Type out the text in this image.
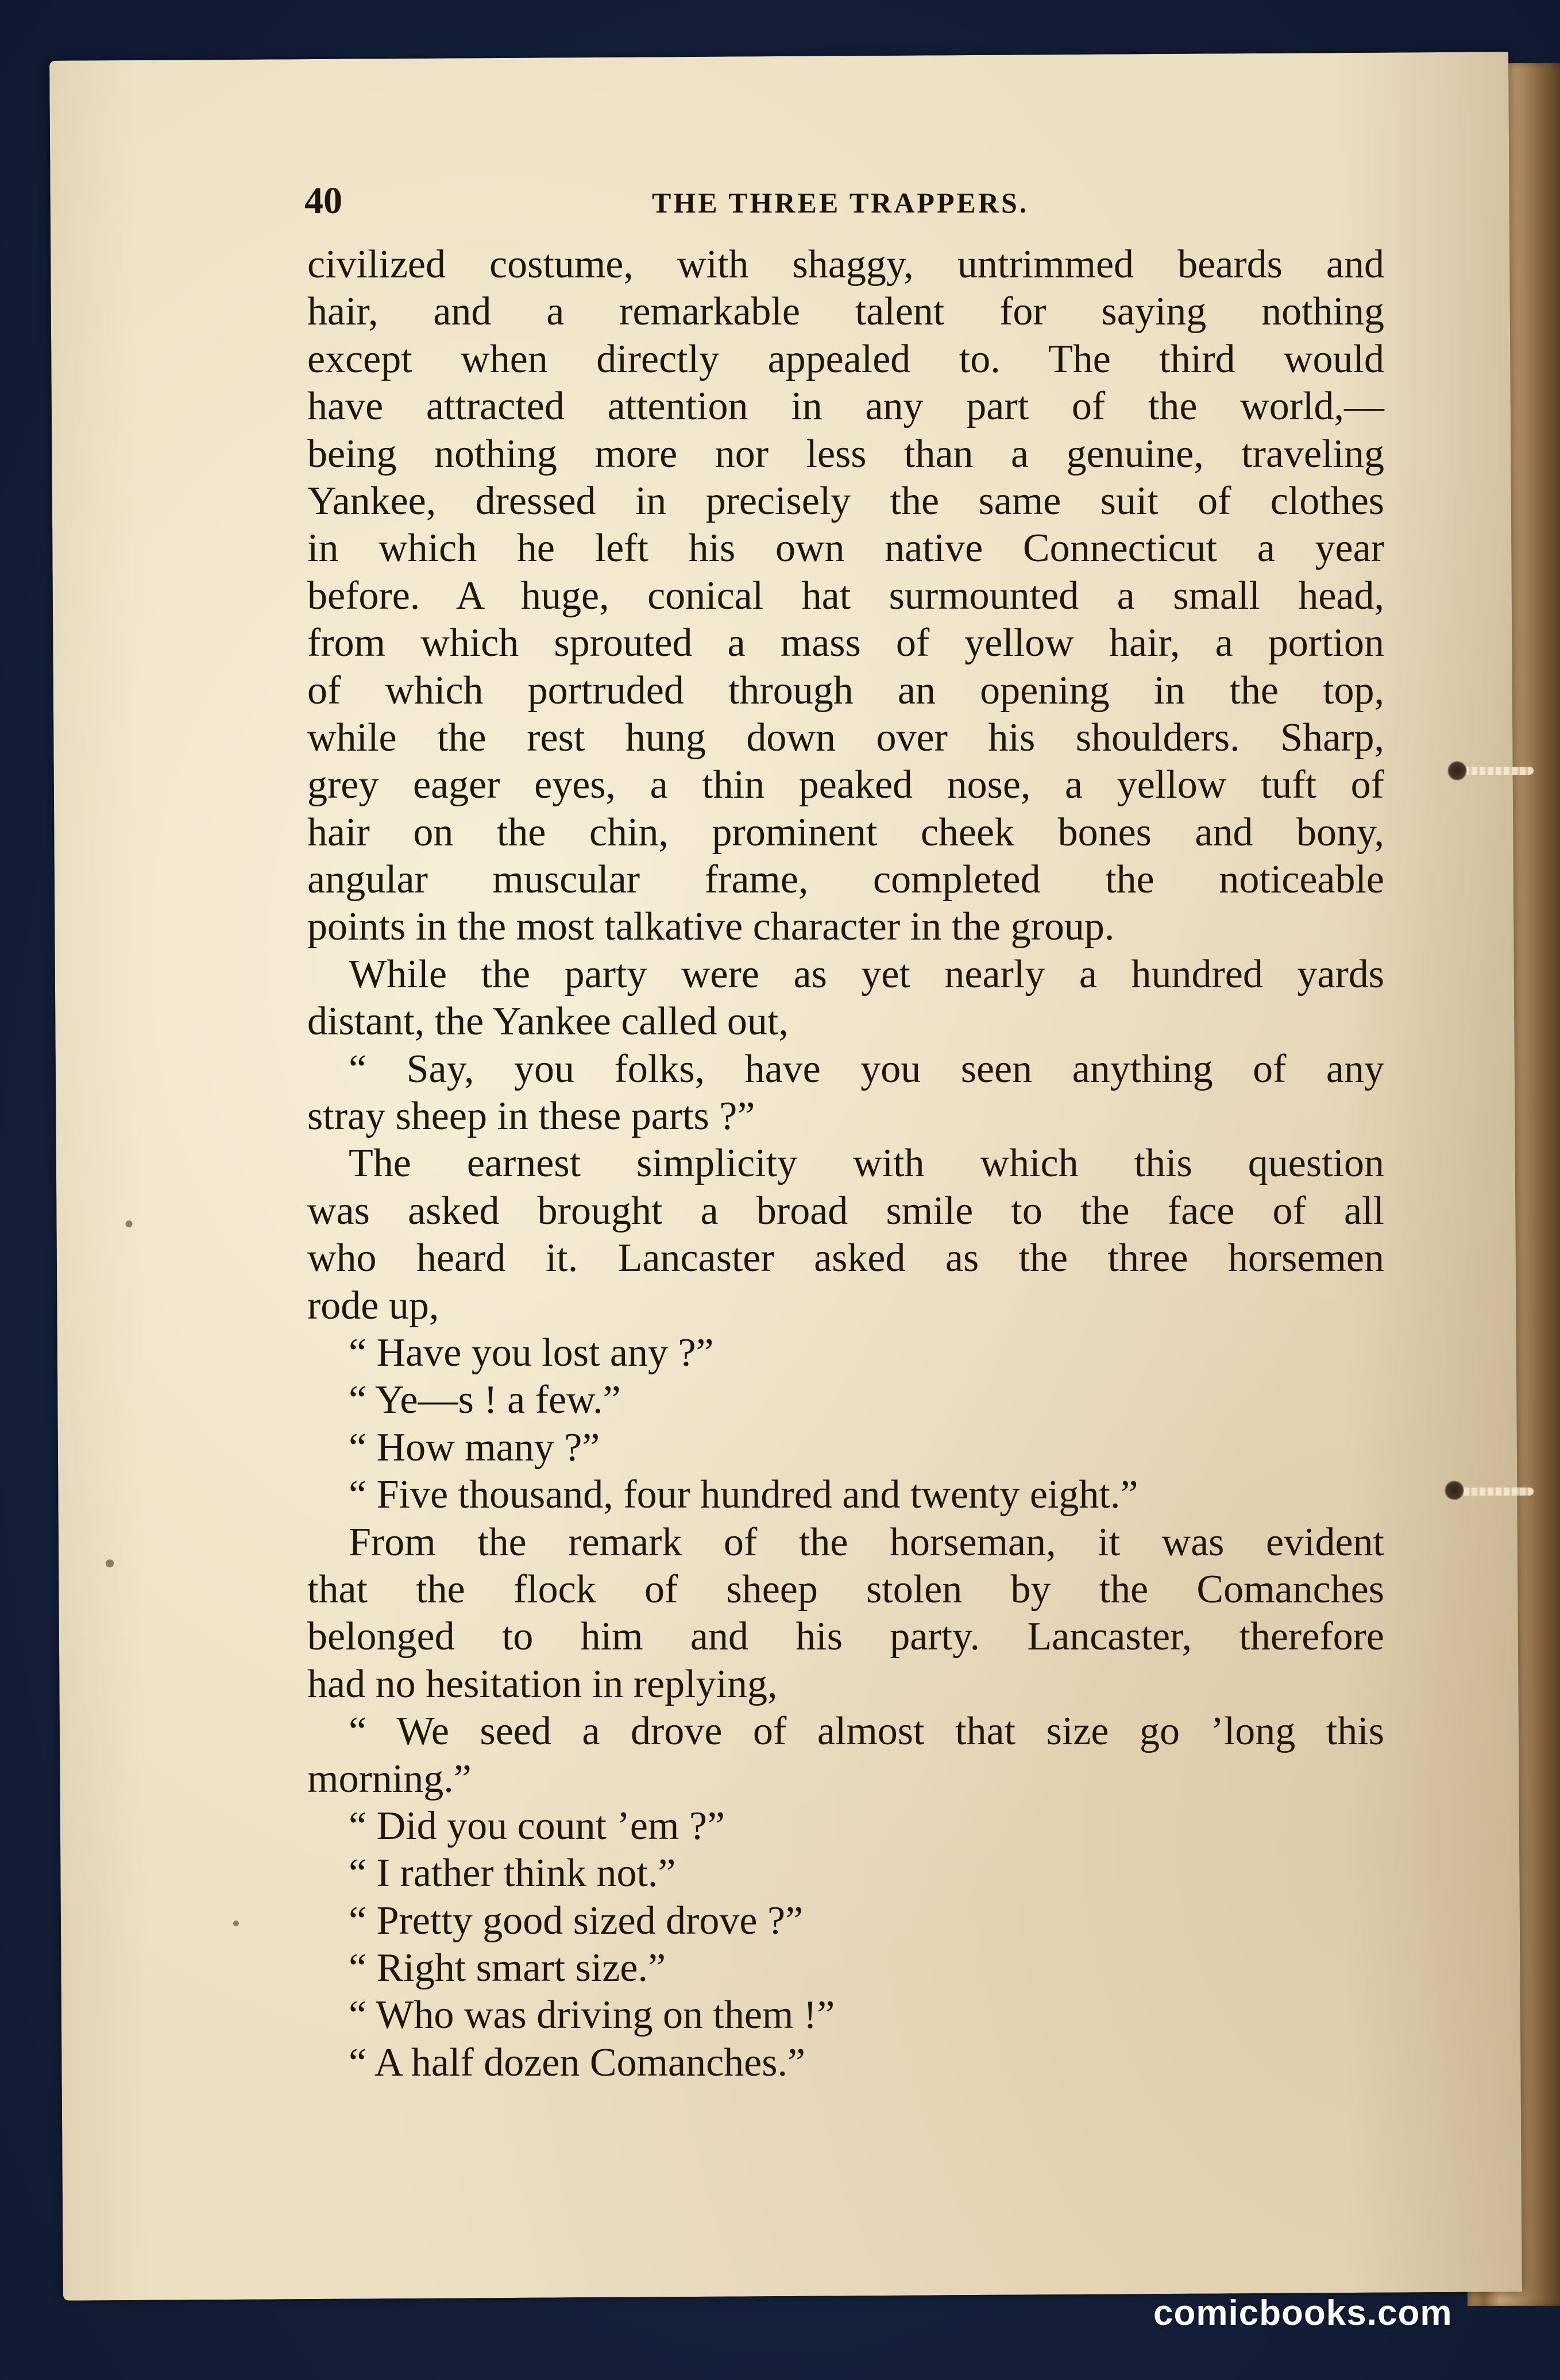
40	THE THREE TRAPPERS.
civilized costume, with shaggy, untrimmed beards and
hair, and a remarkable talent for saying nothing
except when directly appealed to. The third would
have attracted attention in any part of the world,—
being nothing more nor less than a genuine, traveling
Yankee, dressed in precisely the same suit of clothes
in which he left his own native Connecticut a year
before. A huge, conical hat surmounted a small head,
from which sprouted a mass of yellow hair, a portion
of which portruded through an opening in the top,
while the rest hung down over his shoulders. Sharp,
grey eager eyes, a thin peaked nose, a yellow tuft of
hair on the chin, prominent cheek bones and bony,
angular muscular frame, completed the noticeable
points in the most talkative character in the group.
While the party were as yet nearly a hundred yards
distant, the Yankee called out,
“ Say, you folks, have you seen anything of any
stray sheep in these parts ?”
The earnest simplicity with which this question
was asked brought a broad smile to the face of all
who heard it. Lancaster asked as the three horsemen
rode up,
“ Have you lost any ?”
“ Ye—s ! a few.”
“ How many ?”
“ Five thousand, four hundred and twenty eight.”
From the remark of the horseman, it was evident
that the flock of sheep stolen by the Comanches
belonged to him and his party. Lancaster, therefore
had no hesitation in replying,
“ We seed a drove of almost that size go ’long this
morning.”
“ Did you count ’em ?”
“ I rather think not.”
“ Pretty good sized drove ?”
“ Right smart size.”
“ Who was driving on them !”
“ A half dozen Comanches.”
comicbooks.com
